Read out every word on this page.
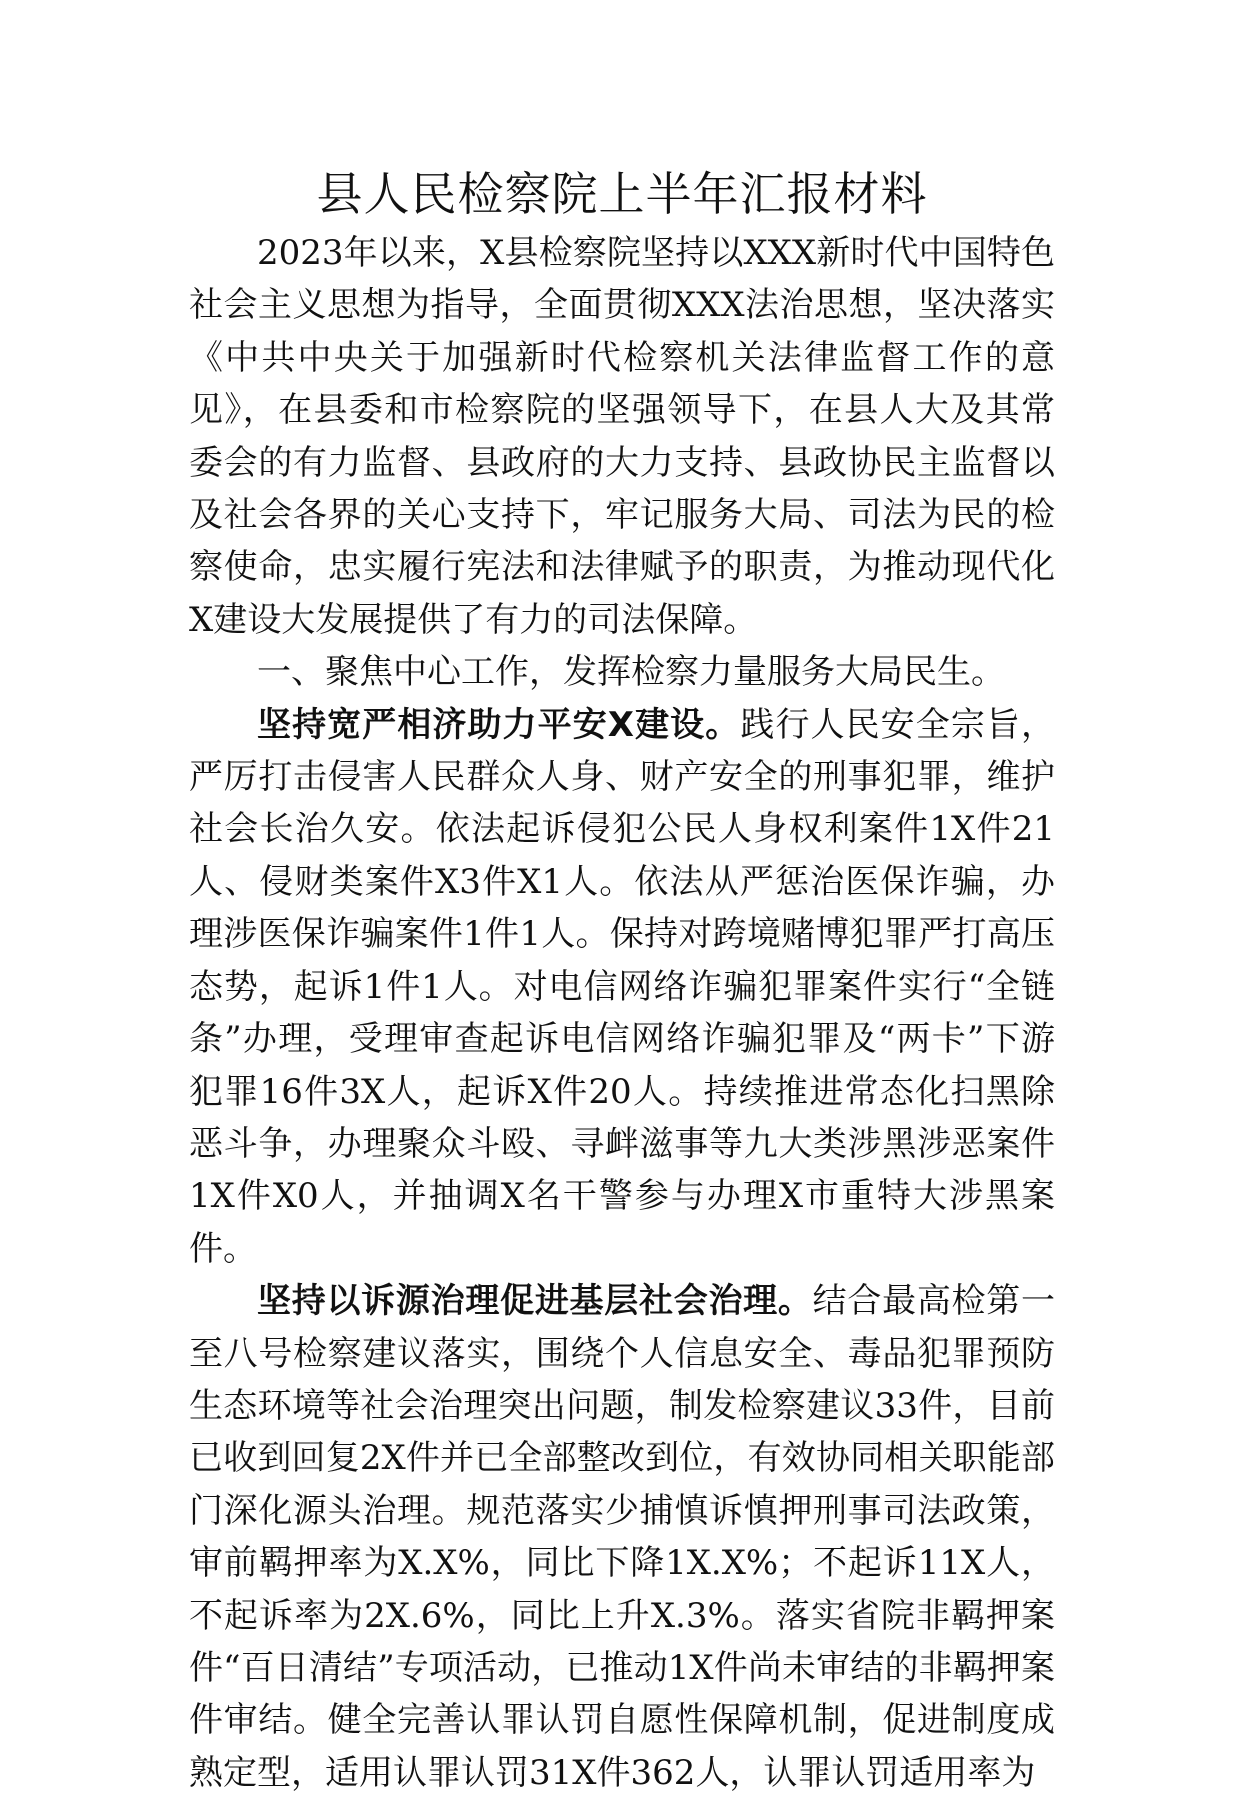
县人民检察院上半年汇报材料

2023年以来，X县检察院坚持以XXX新时代中国特色社会主义思想为指导，全面贯彻XXX法治思想，坚决落实《中共中央关于加强新时代检察机关法律监督工作的意见》，在县委和市检察院的坚强领导下，在县人大及其常委会的有力监督、县政府的大力支持、县政协民主监督以及社会各界的关心支持下，牢记服务大局、司法为民的检察使命，忠实履行宪法和法律赋予的职责，为推动现代化X建设大发展提供了有力的司法保障。

一、聚焦中心工作，发挥检察力量服务大局民生。

坚持宽严相济助力平安X建设。践行人民安全宗旨，严厉打击侵害人民群众人身、财产安全的刑事犯罪，维护社会长治久安。依法起诉侵犯公民人身权利案件1X件21人、侵财类案件X3件X1人。依法从严惩治医保诈骗，办理涉医保诈骗案件1件1人。保持对跨境赌博犯罪严打高压态势，起诉1件1人。对电信网络诈骗犯罪案件实行“全链条”办理，受理审查起诉电信网络诈骗犯罪及“两卡”下游犯罪16件3X人，起诉X件20人。持续推进常态化扫黑除恶斗争，办理聚众斗殴、寻衅滋事等九大类涉黑涉恶案件1X件X0人，并抽调X名干警参与办理X市重特大涉黑案件。

坚持以诉源治理促进基层社会治理。结合最高检第一至八号检察建议落实，围绕个人信息安全、毒品犯罪预防生态环境等社会治理突出问题，制发检察建议33件，目前已收到回复2X件并已全部整改到位，有效协同相关职能部门深化源头治理。规范落实少捕慎诉慎押刑事司法政策，审前羁押率为X.X%，同比下降1X.X%；不起诉11X人，不起诉率为2X.6%，同比上升X.3%。落实省院非羁押案件“百日清结”专项活动，已推动1X件尚未审结的非羁押案件审结。健全完善认罪认罚自愿性保障机制，促进制度成熟定型，适用认罪认罚31X件362人，认罪认罚适用率为
